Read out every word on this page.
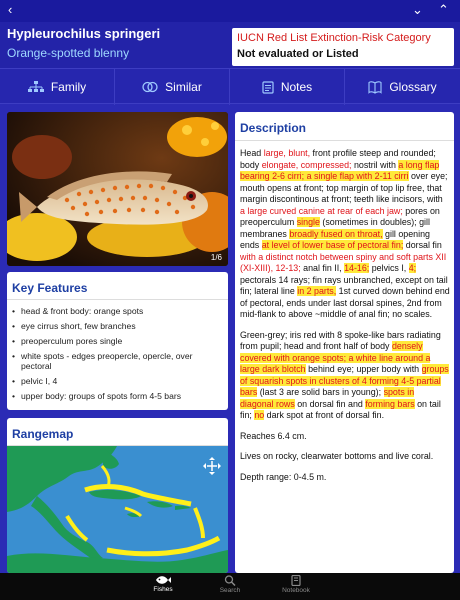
‹	⌄ ⌃
Hypleurochilus springeri
Orange-spotted blenny
IUCN Red List Extinction-Risk Category
Not evaluated or Listed
Family	Similar	Notes	Glossary
1/6
Key Features
• head & front body: orange spots
• eye cirrus short, few branches
• preoperculum pores single
• white spots - edges preopercle, opercle, over pectoral
• pelvic I, 4
• upper body: groups of spots form 4-5 bars
Rangemap
Description

Head large, blunt, front profile steep and rounded; body elongate, compressed; nostril with a long flap bearing 2-6 cirri; a single flap with 2-11 cirri over eye; mouth opens at front; top margin of top lip free, that margin discontinous at front; teeth like incisors, with a large curved canine at rear of each jaw; pores on preoperculum single (sometimes in doubles); gill membranes broadly fused on throat, gill opening ends at level of lower base of pectoral fin; dorsal fin with a distinct notch between spiny and soft parts XII (XI-XIII), 12-13; anal fin II, 14-16; pelvics I, 4; pectorals 14 rays; fin rays unbranched, except on tail fin; lateral line in 2 parts, 1st curved down behind end of pectoral, ends under last dorsal spines, 2nd from mid-flank to above ~middle of anal fin; no scales.

Green-grey; iris red with 8 spoke-like bars radiating from pupil; head and front half of body densely covered with orange spots; a white line around a large dark blotch behind eye; upper body with groups of squarish spots in clusters of 4 forming 4-5 partial bars (last 3 are solid bars in young); spots in diagonal rows on dorsal fin and forming bars on tail fin; no dark spot at front of dorsal fin.

Reaches 6.4 cm.

Lives on rocky, clearwater bottoms and live coral.

Depth range: 0-4.5 m.

Fishes	Search	Notebook
